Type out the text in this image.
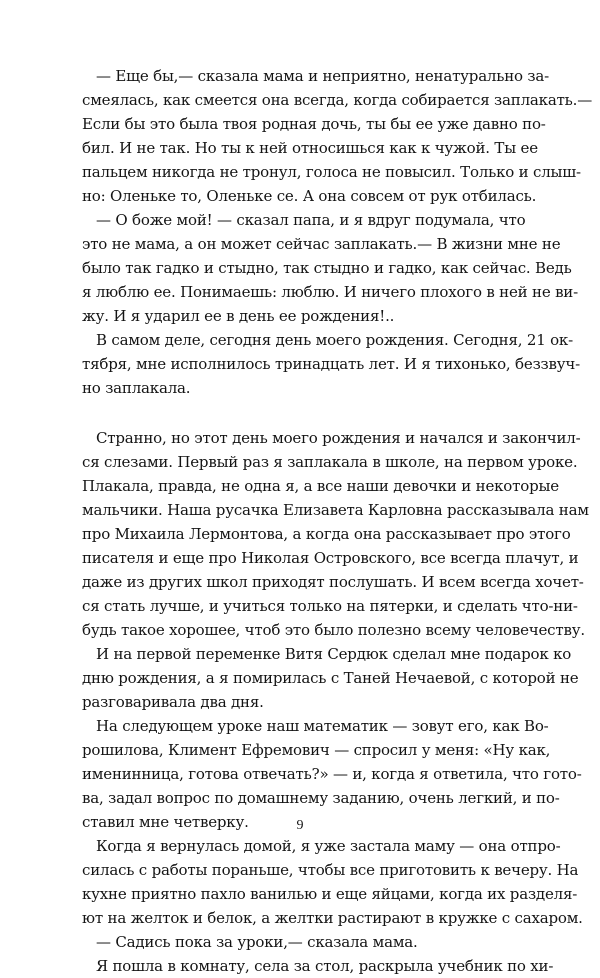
— Еще бы,— сказала мама и неприятно, ненатурально за-
смеялась, как смеется она всегда, когда собирается заплакать.—
Если бы это была твоя родная дочь, ты бы ее уже давно по-
бил. И не так. Но ты к ней относишься как к чужой. Ты ее
пальцем никогда не тронул, голоса не повысил. Только и слыш-
но: Оленьке то, Оленьке се. А она совсем от рук отбилась.
— О боже мой! — сказал папа, и я вдруг подумала, что
это не мама, а он может сейчас заплакать.— В жизни мне не
было так гадко и стыдно, так стыдно и гадко, как сейчас. Ведь
я люблю ее. Понимаешь: люблю. И ничего плохого в ней не ви-
жу. И я ударил ее в день ее рождения!..
В самом деле, сегодня день моего рождения. Сегодня, 21 ок-
тября, мне исполнилось тринадцать лет. И я тихонько, беззвуч-
но заплакала.
Странно, но этот день моего рождения и начался и закончил-
ся слезами. Первый раз я заплакала в школе, на первом уроке.
Плакала, правда, не одна я, а все наши девочки и некоторые
мальчики. Наша русачка Елизавета Карловна рассказывала нам
про Михаила Лермонтова, а когда она рассказывает про этого
писателя и еще про Николая Островского, все всегда плачут, и
даже из других школ приходят послушать. И всем всегда хочет-
ся стать лучше, и учиться только на пятерки, и сделать что-ни-
будь такое хорошее, чтоб это было полезно всему человечеству.
И на первой переменке Витя Сердюк сделал мне подарок ко
дню рождения, а я помирилась с Таней Нечаевой, с которой не
разговаривала два дня.
На следующем уроке наш математик — зовут его, как Во-
рошилова, Климент Ефремович — спросил у меня: «Ну как,
именинница, готова отвечать?» — и, когда я ответила, что гото-
ва, задал вопрос по домашнему заданию, очень легкий, и по-
ставил мне четверку.
Когда я вернулась домой, я уже застала маму — она отпро-
силась с работы пораньше, чтобы все приготовить к вечеру. На
кухне приятно пахло ванилью и еще яйцами, когда их разделя-
ют на желток и белок, а желтки растирают в кружке с сахаром.
— Садись пока за уроки,— сказала мама.
Я пошла в комнату, села за стол, раскрыла учебник по хи-
9
